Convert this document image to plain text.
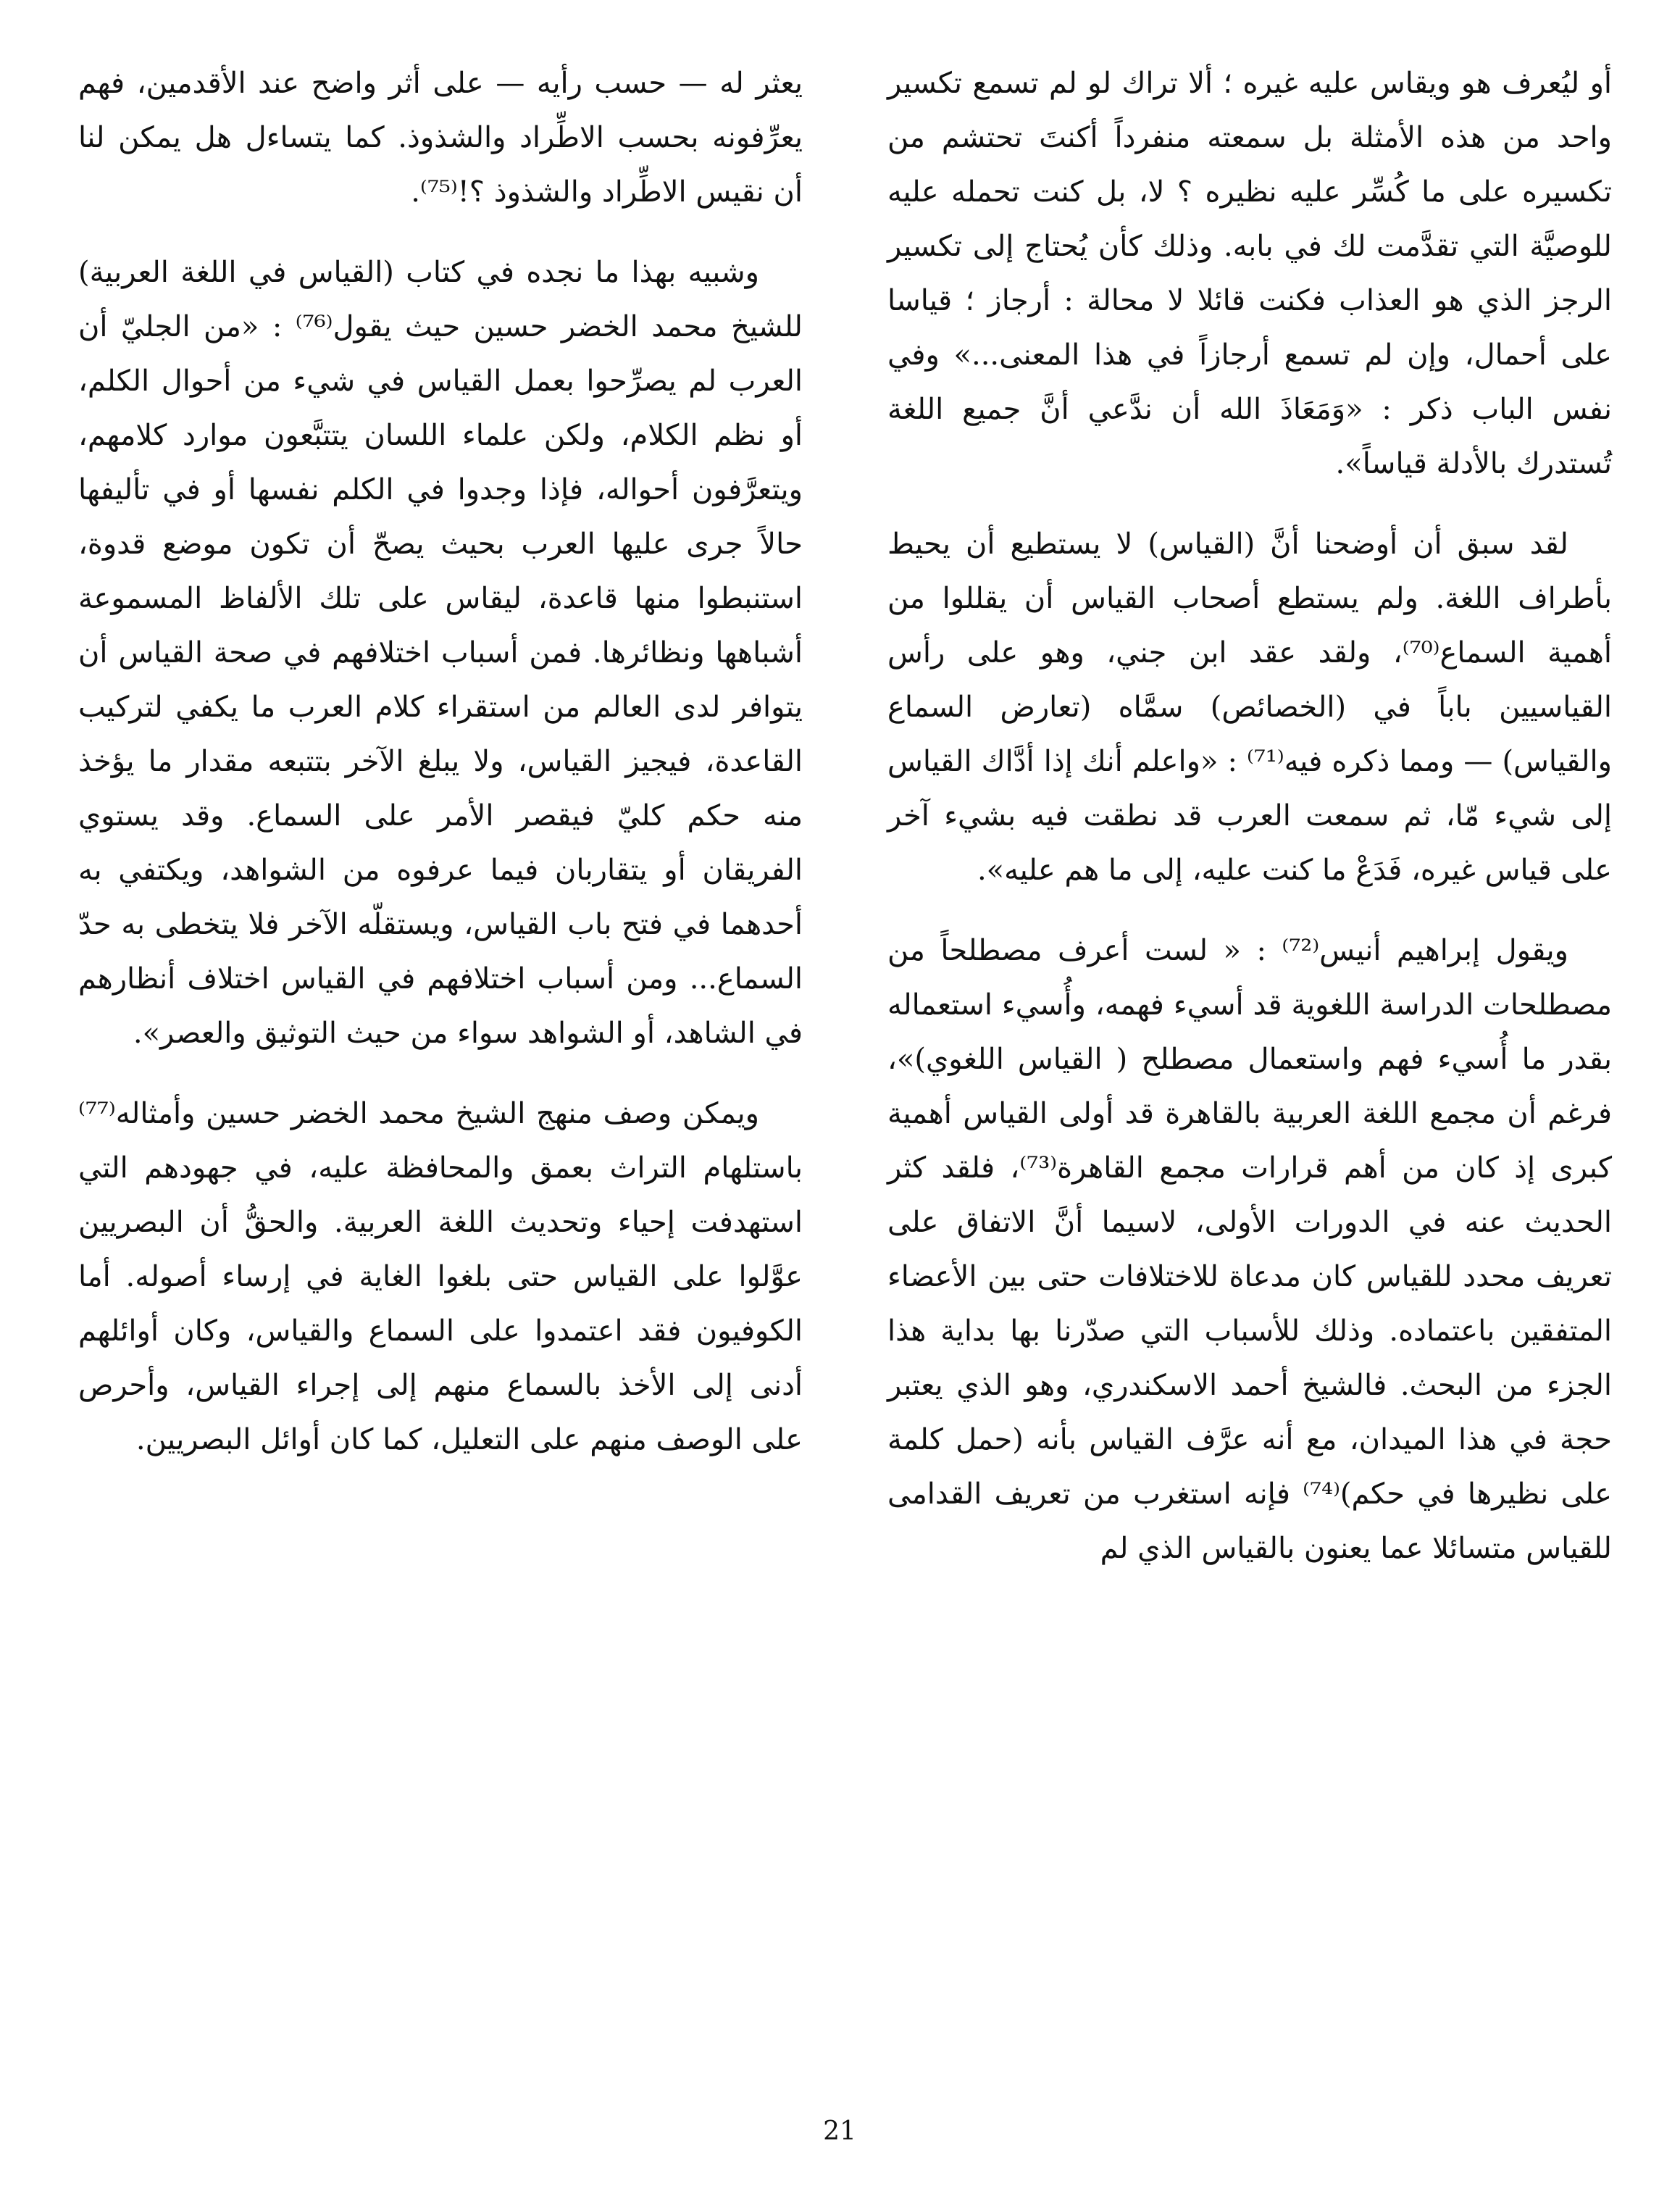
أو ليُعرف هو ويقاس عليه غيره ؛ ألا تراك لو لم تسمع تكسير واحد من هذه الأمثلة بل سمعته منفرداً أكنتَ تحتشم من تكسيره على ما كُسِّر عليه نظيره ؟ لا، بل كنت تحمله عليه للوصيَّة التي تقدَّمت لك في بابه. وذلك كأن يُحتاج إلى تكسير الرجز الذي هو العذاب فكنت قائلا لا محالة : أرجاز ؛ قياسا على أحمال، وإن لم تسمع أرجازاً في هذا المعنى...» وفي نفس الباب ذكر : «وَمَعَاذَ الله أن ندَّعي أنَّ جميع اللغة تُستدرك بالأدلة قياساً».

لقد سبق أن أوضحنا أنَّ (القياس) لا يستطيع أن يحيط بأطراف اللغة. ولم يستطع أصحاب القياس أن يقللوا من أهمية السماع⁽⁷⁰⁾، ولقد عقد ابن جني، وهو على رأس القياسيين باباً في (الخصائص) سمَّاه (تعارض السماع والقياس) — ومما ذكره فيه⁽⁷¹⁾ : «واعلم أنك إذا أدَّاك القياس إلى شيء مّا، ثم سمعت العرب قد نطقت فيه بشيء آخر على قياس غيره، فَدَعْ ما كنت عليه، إلى ما هم عليه».

ويقول إبراهيم أنيس⁽⁷²⁾ : « لست أعرف مصطلحاً من مصطلحات الدراسة اللغوية قد أسيء فهمه، وأُسيء استعماله بقدر ما أُسيء فهم واستعمال مصطلح ( القياس اللغوي)»، فرغم أن مجمع اللغة العربية بالقاهرة قد أولى القياس أهمية كبرى إذ كان من أهم قرارات مجمع القاهرة⁽⁷³⁾، فلقد كثر الحديث عنه في الدورات الأولى، لاسيما أنَّ الاتفاق على تعريف محدد للقياس كان مدعاة للاختلافات حتى بين الأعضاء المتفقين باعتماده. وذلك للأسباب التي صدّرنا بها بداية هذا الجزء من البحث. فالشيخ أحمد الاسكندري، وهو الذي يعتبر حجة في هذا الميدان، مع أنه عرَّف القياس بأنه (حمل كلمة على نظيرها في حكم)⁽⁷⁴⁾ فإنه استغرب من تعريف القدامى للقياس متسائلا عما يعنون بالقياس الذي لم

يعثر له — حسب رأيه — على أثر واضح عند الأقدمين، فهم يعرِّفونه بحسب الاطِّراد والشذوذ. كما يتساءل هل يمكن لنا أن نقيس الاطِّراد والشذوذ ؟!⁽⁷⁵⁾.

وشبيه بهذا ما نجده في كتاب (القياس في اللغة العربية) للشيخ محمد الخضر حسين حيث يقول⁽⁷⁶⁾ : «من الجليّ أن العرب لم يصرِّحوا بعمل القياس في شيء من أحوال الكلم، أو نظم الكلام، ولكن علماء اللسان يتتبَّعون موارد كلامهم، ويتعرَّفون أحواله، فإذا وجدوا في الكلم نفسها أو في تأليفها حالاً جرى عليها العرب بحيث يصحّ أن تكون موضع قدوة، استنبطوا منها قاعدة، ليقاس على تلك الألفاظ المسموعة أشباهها ونظائرها. فمن أسباب اختلافهم في صحة القياس أن يتوافر لدى العالم من استقراء كلام العرب ما يكفي لتركيب القاعدة، فيجيز القياس، ولا يبلغ الآخر بتتبعه مقدار ما يؤخذ منه حكم كليّ فيقصر الأمر على السماع. وقد يستوي الفريقان أو يتقاربان فيما عرفوه من الشواهد، ويكتفي به أحدهما في فتح باب القياس، ويستقلّه الآخر فلا يتخطى به حدّ السماع... ومن أسباب اختلافهم في القياس اختلاف أنظارهم في الشاهد، أو الشواهد سواء من حيث التوثيق والعصر».

ويمكن وصف منهج الشيخ محمد الخضر حسين وأمثاله⁽⁷⁷⁾ باستلهام التراث بعمق والمحافظة عليه، في جهودهم التي استهدفت إحياء وتحديث اللغة العربية. والحقُّ أن البصريين عوَّلوا على القياس حتى بلغوا الغاية في إرساء أصوله. أما الكوفيون فقد اعتمدوا على السماع والقياس، وكان أوائلهم أدنى إلى الأخذ بالسماع منهم إلى إجراء القياس، وأحرص على الوصف منهم على التعليل، كما كان أوائل البصريين.

21
